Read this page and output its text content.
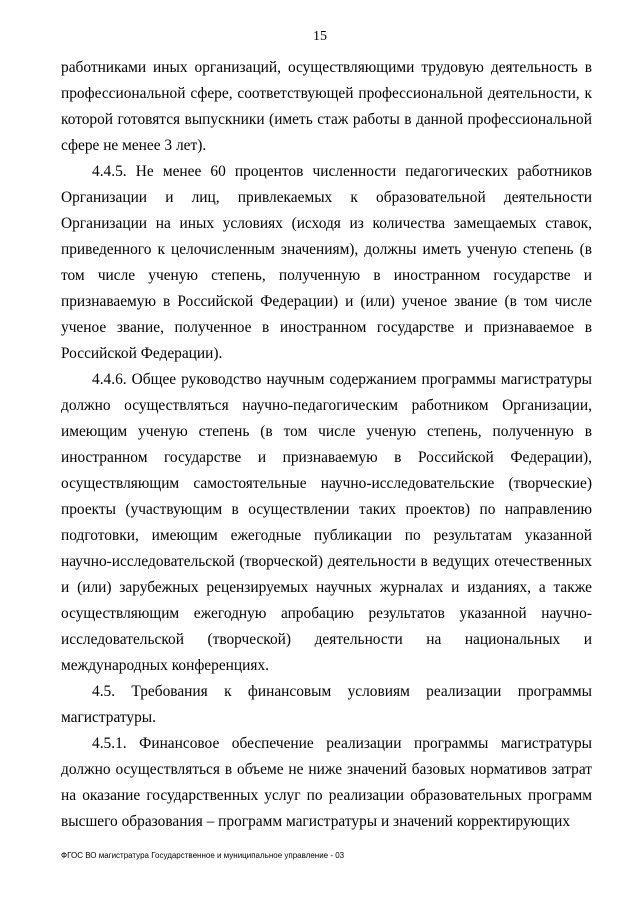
15

работниками иных организаций, осуществляющими трудовую деятельность в профессиональной сфере, соответствующей профессиональной деятельности, к которой готовятся выпускники (иметь стаж работы в данной профессиональной сфере не менее 3 лет).

4.4.5. Не менее 60 процентов численности педагогических работников Организации и лиц, привлекаемых к образовательной деятельности Организации на иных условиях (исходя из количества замещаемых ставок, приведенного к целочисленным значениям), должны иметь ученую степень (в том числе ученую степень, полученную в иностранном государстве и признаваемую в Российской Федерации) и (или) ученое звание (в том числе ученое звание, полученное в иностранном государстве и признаваемое в Российской Федерации).

4.4.6. Общее руководство научным содержанием программы магистратуры должно осуществляться научно-педагогическим работником Организации, имеющим ученую степень (в том числе ученую степень, полученную в иностранном государстве и признаваемую в Российской Федерации), осуществляющим самостоятельные научно-исследовательские (творческие) проекты (участвующим в осуществлении таких проектов) по направлению подготовки, имеющим ежегодные публикации по результатам указанной научно-исследовательской (творческой) деятельности в ведущих отечественных и (или) зарубежных рецензируемых научных журналах и изданиях, а также осуществляющим ежегодную апробацию результатов указанной научно-исследовательской (творческой) деятельности на национальных и международных конференциях.

4.5. Требования к финансовым условиям реализации программы магистратуры.

4.5.1. Финансовое обеспечение реализации программы магистратуры должно осуществляться в объеме не ниже значений базовых нормативов затрат на оказание государственных услуг по реализации образовательных программ высшего образования – программ магистратуры и значений корректирующих

ФГОС ВО магистратура Государственное и муниципальное управление - 03
